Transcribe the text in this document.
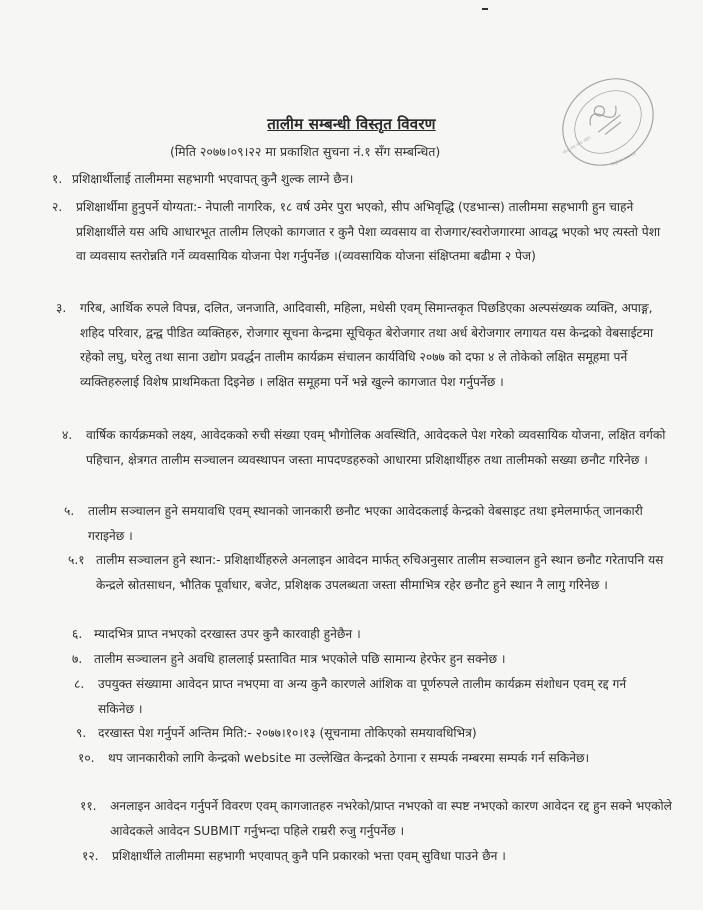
घरेलु तथा साना उद्योग
त्रिपुरेश्वर काठमाडौं
तालीम सम्बन्धी विस्तृत विवरण
(मिति २०७७।०९।२२ मा प्रकाशित सुचना नं.१ सँग सम्बन्धित)
१. प्रशिक्षार्थीलाई तालीममा सहभागी भएवापत् कुनै शुल्क लाग्ने छैन।
२. प्रशिक्षार्थीमा हुनुपर्ने योग्यता:- नेपाली नागरिक, १८ वर्ष उमेर पुरा भएको, सीप अभिवृद्धि (एडभान्स) तालीममा सहभागी हुन चाहने प्रशिक्षार्थीले यस अघि आधारभूत तालीम लिएको कागजात र कुनै पेशा व्यवसाय वा रोजगार/स्वरोजगारमा आवद्ध भएको भए त्यस्तो पेशा वा व्यवसाय स्तरोन्नति गर्ने व्यवसायिक योजना पेश गर्नुपर्नेछ ।(व्यवसायिक योजना संक्षिप्तमा बढीमा २ पेज)
३. गरिब, आर्थिक रुपले विपन्न, दलित, जनजाति, आदिवासी, महिला, मधेसी एवम् सिमान्तकृत पिछडिएका अल्पसंख्यक व्यक्ति, अपाङ्ग, शहिद परिवार, द्वन्द्व पीडित व्यक्तिहरु, रोजगार सूचना केन्द्रमा सूचिकृत बेरोजगार तथा अर्ध बेरोजगार लगायत यस केन्द्रको वेबसाईटमा रहेको लघु, घरेलु तथा साना उद्योग प्रवर्द्धन तालीम कार्यक्रम संचालन कार्यविधि २०७७ को दफा ४ ले तोकेको लक्षित समूहमा पर्ने व्यक्तिहरुलाई विशेष प्राथमिकता दिइनेछ । लक्षित समूहमा पर्ने भन्ने खुल्ने कागजात पेश गर्नुपर्नेछ ।
४. वार्षिक कार्यक्रमको लक्ष्य, आवेदकको रुची संख्या एवम् भौगोलिक अवस्थिति, आवेदकले पेश गरेको व्यवसायिक योजना, लक्षित वर्गको पहिचान, क्षेत्रगत तालीम सञ्चालन व्यवस्थापन जस्ता मापदण्डहरुको आधारमा प्रशिक्षार्थीहरु तथा तालीमको सख्या छनौट गरिनेछ ।
५. तालीम सञ्चालन हुने समयावधि एवम् स्थानको जानकारी छनौट भएका आवेदकलाई केन्द्रको वेबसाइट तथा इमेलमार्फत् जानकारी गराइनेछ ।
५.१ तालीम सञ्चालन हुने स्थान:- प्रशिक्षार्थीहरुले अनलाइन आवेदन मार्फत् रुचिअनुसार तालीम सञ्चालन हुने स्थान छनौट गरेतापनि यस केन्द्रले स्रोतसाधन, भौतिक पूर्वाधार, बजेट, प्रशिक्षक उपलब्धता जस्ता सीमाभित्र रहेर छनौट हुने स्थान नै लागु गरिनेछ ।
६. म्यादभित्र प्राप्त नभएको दरखास्त उपर कुनै कारवाही हुनेछैन ।
७. तालीम सञ्चालन हुने अवधि हाललाई प्रस्तावित मात्र भएकोले पछि सामान्य हेरफेर हुन सक्नेछ ।
८. उपयुक्त संख्यामा आवेदन प्राप्त नभएमा वा अन्य कुनै कारणले आंशिक वा पूर्णरुपले तालीम कार्यक्रम संशोधन एवम् रद्द गर्न सकिनेछ ।
९. दरखास्त पेश गर्नुपर्ने अन्तिम मिति:- २०७७।१०।१३ (सूचनामा तोकिएको समयावधिभित्र)
१०. थप जानकारीको लागि केन्द्रको website मा उल्लेखित केन्द्रको ठेगाना र सम्पर्क नम्बरमा सम्पर्क गर्न सकिनेछ।
११. अनलाइन आवेदन गर्नुपर्ने विवरण एवम् कागजातहरु नभरेको/प्राप्त नभएको वा स्पष्ट नभएको कारण आवेदन रद्द हुन सक्ने भएकोले आवेदकले आवेदन SUBMIT गर्नुभन्दा पहिले राम्ररी रुजु गर्नुपर्नेछ ।
१२. प्रशिक्षार्थीले तालीममा सहभागी भएवापत् कुनै पनि प्रकारको भत्ता एवम् सुविधा पाउने छैन ।
